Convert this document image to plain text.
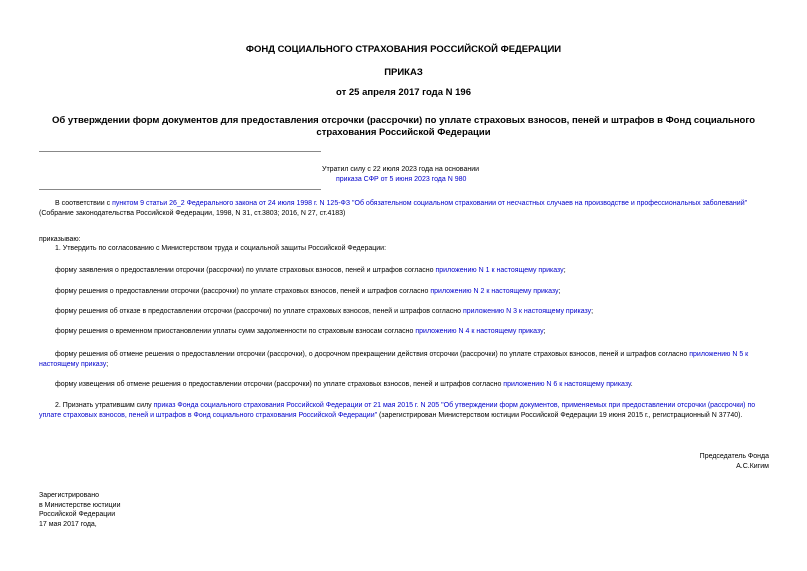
ФОНД СОЦИАЛЬНОГО СТРАХОВАНИЯ РОССИЙСКОЙ ФЕДЕРАЦИИ
ПРИКАЗ
от 25 апреля 2017 года N 196
Об утверждении форм документов для предоставления отсрочки (рассрочки) по уплате страховых взносов, пеней и штрафов в Фонд социального страхования Российской Федерации
Утратил силу с 22 июля 2023 года на основании
приказа СФР от 5 июня 2023 года N 980
В соответствии с пунктом 9 статьи 26_2 Федерального закона от 24 июля 1998 г. N 125-ФЗ "Об обязательном социальном страховании от несчастных случаев на производстве и профессиональных заболеваний" (Собрание законодательства Российской Федерации, 1998, N 31, ст.3803; 2016, N 27, ст.4183)
приказываю:
1. Утвердить по согласованию с Министерством труда и социальной защиты Российской Федерации:
форму заявления о предоставлении отсрочки (рассрочки) по уплате страховых взносов, пеней и штрафов согласно приложению N 1 к настоящему приказу;
форму решения о предоставлении отсрочки (рассрочки) по уплате страховых взносов, пеней и штрафов согласно приложению N 2 к настоящему приказу;
форму решения об отказе в предоставлении отсрочки (рассрочки) по уплате страховых взносов, пеней и штрафов согласно приложению N 3 к настоящему приказу;
форму решения о временном приостановлении уплаты сумм задолженности по страховым взносам согласно приложению N 4 к настоящему приказу;
форму решения об отмене решения о предоставлении отсрочки (рассрочки), о досрочном прекращении действия отсрочки (рассрочки) по уплате страховых взносов, пеней и штрафов согласно приложению N 5 к настоящему приказу;
форму извещения об отмене решения о предоставлении отсрочки (рассрочки) по уплате страховых взносов, пеней и штрафов согласно приложению N 6 к настоящему приказу.
2. Признать утратившим силу приказ Фонда социального страхования Российской Федерации от 21 мая 2015 г. N 205 "Об утверждении форм документов, применяемых при предоставлении отсрочки (рассрочки) по уплате страховых взносов, пеней и штрафов в Фонд социального страхования Российской Федерации" (зарегистрирован Министерством юстиции Российской Федерации 19 июня 2015 г., регистрационный N 37740).
Председатель Фонда
А.С.Кигим
Зарегистрировано
в Министерстве юстиции
Российской Федерации
17 мая 2017 года,
